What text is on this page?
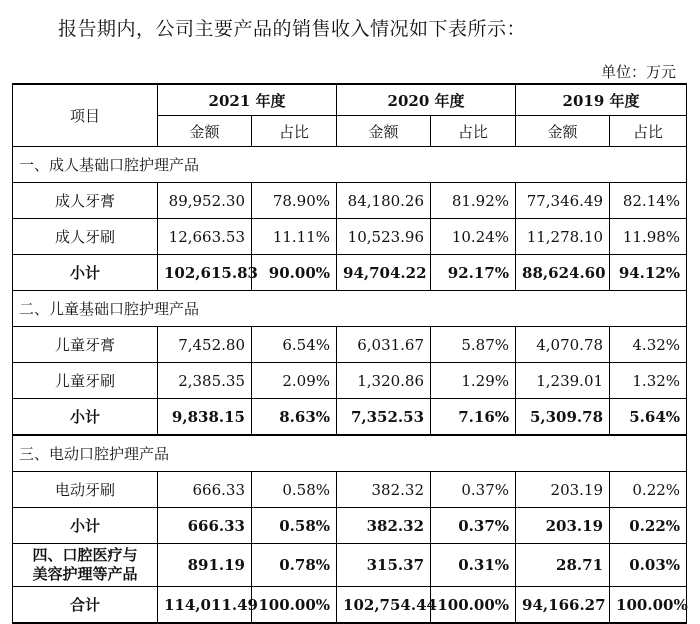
报告期内，公司主要产品的销售收入情况如下表所示：
单位：万元
项目	2021 年度		2020 年度		2019 年度	
	金额	占比	金额	占比	金额	占比
一、成人基础口腔护理产品						
成人牙膏	89,952.30	78.90%	84,180.26	81.92%	77,346.49	82.14%
成人牙刷	12,663.53	11.11%	10,523.96	10.24%	11,278.10	11.98%
小计	102,615.83	90.00%	94,704.22	92.17%	88,624.60	94.12%
二、儿童基础口腔护理产品						
儿童牙膏	7,452.80	6.54%	6,031.67	5.87%	4,070.78	4.32%
儿童牙刷	2,385.35	2.09%	1,320.86	1.29%	1,239.01	1.32%
小计	9,838.15	8.63%	7,352.53	7.16%	5,309.78	5.64%
三、电动口腔护理产品						
电动牙刷	666.33	0.58%	382.32	0.37%	203.19	0.22%
小计	666.33	0.58%	382.32	0.37%	203.19	0.22%
四、口腔医疗与
美容护理等产品	891.19	0.78%	315.37	0.31%	28.71	0.03%
合计	114,011.49	100.00%	102,754.44	100.00%	94,166.27	100.00%
